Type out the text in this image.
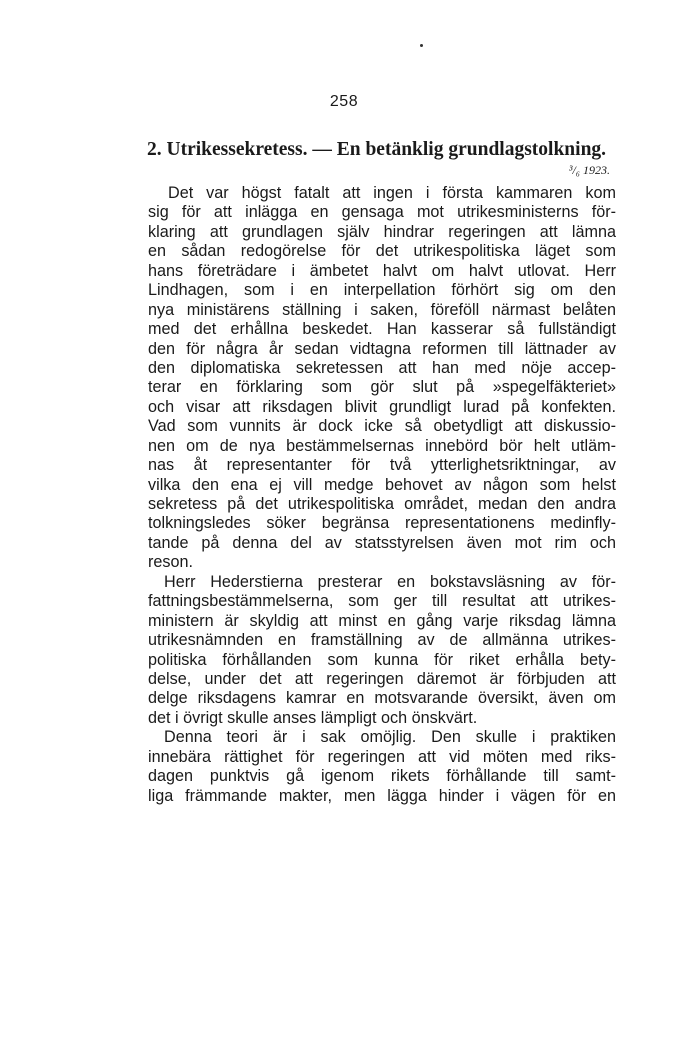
258
2. Utrikessekretess. — En betänklig grundlagstolkning.
³/₆ 1923.
Det var högst fatalt att ingen i första kammaren kom
sig för att inlägga en gensaga mot utrikesministerns för-
klaring att grundlagen själv hindrar regeringen att lämna
en sådan redogörelse för det utrikespolitiska läget som
hans företrädare i ämbetet halvt om halvt utlovat. Herr
Lindhagen, som i en interpellation förhört sig om den
nya ministärens ställning i saken, föreföll närmast belåten
med det erhållna beskedet. Han kasserar så fullständigt
den för några år sedan vidtagna reformen till lättnader av
den diplomatiska sekretessen att han med nöje accep-
terar en förklaring som gör slut på »spegelfäkteriet»
och visar att riksdagen blivit grundligt lurad på konfekten.
Vad som vunnits är dock icke så obetydligt att diskussio-
nen om de nya bestämmelsernas innebörd bör helt utläm-
nas åt representanter för två ytterlighetsriktningar, av
vilka den ena ej vill medge behovet av någon som helst
sekretess på det utrikespolitiska området, medan den andra
tolkningsledes söker begränsa representationens medinfly-
tande på denna del av statsstyrelsen även mot rim och
reson.
Herr Hederstierna presterar en bokstavsläsning av för-
fattningsbestämmelserna, som ger till resultat att utrikes-
ministern är skyldig att minst en gång varje riksdag lämna
utrikesnämnden en framställning av de allmänna utrikes-
politiska förhållanden som kunna för riket erhålla bety-
delse, under det att regeringen däremot är förbjuden att
delge riksdagens kamrar en motsvarande översikt, även om
det i övrigt skulle anses lämpligt och önskvärt.
Denna teori är i sak omöjlig. Den skulle i praktiken
innebära rättighet för regeringen att vid möten med riks-
dagen punktvis gå igenom rikets förhållande till samt-
liga främmande makter, men lägga hinder i vägen för en
